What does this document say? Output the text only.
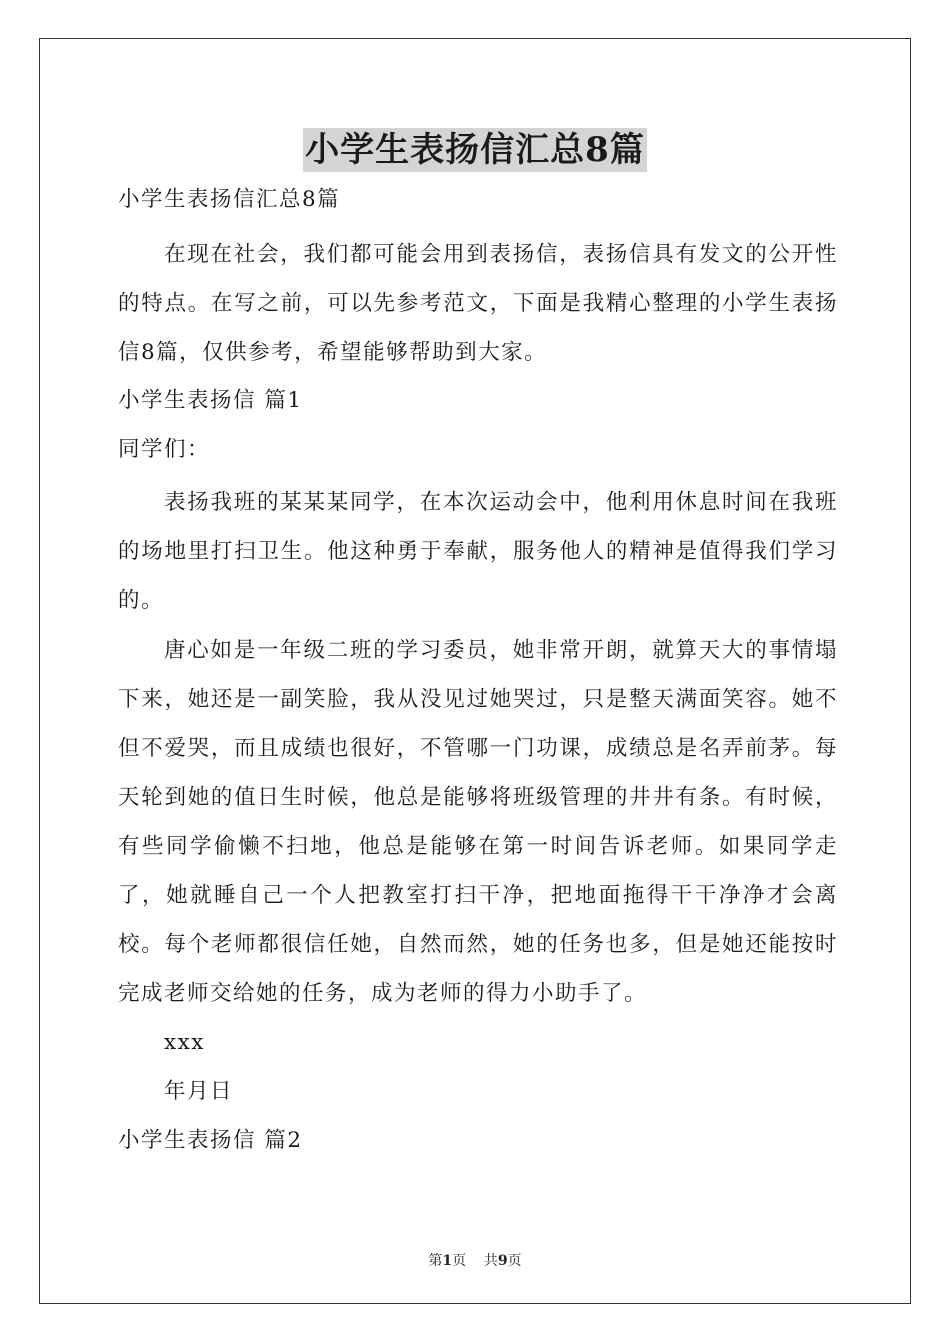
小学生表扬信汇总8篇
小学生表扬信汇总8篇

在现在社会，我们都可能会用到表扬信，表扬信具有发文的公开性的特点。在写之前，可以先参考范文，下面是我精心整理的小学生表扬信8篇，仅供参考，希望能够帮助到大家。

小学生表扬信 篇1
同学们：

表扬我班的某某某同学，在本次运动会中，他利用休息时间在我班的场地里打扫卫生。他这种勇于奉献，服务他人的精神是值得我们学习的。

唐心如是一年级二班的学习委员，她非常开朗，就算天大的事情塌下来，她还是一副笑脸，我从没见过她哭过，只是整天满面笑容。她不但不爱哭，而且成绩也很好，不管哪一门功课，成绩总是名弄前茅。每天轮到她的值日生时候，他总是能够将班级管理的井井有条。有时候，有些同学偷懒不扫地，他总是能够在第一时间告诉老师。如果同学走了，她就睡自己一个人把教室打扫干净，把地面拖得干干净净才会离校。每个老师都很信任她，自然而然，她的任务也多，但是她还能按时完成老师交给她的任务，成为老师的得力小助手了。

xxx
年月日
小学生表扬信 篇2
第1页 共9页
